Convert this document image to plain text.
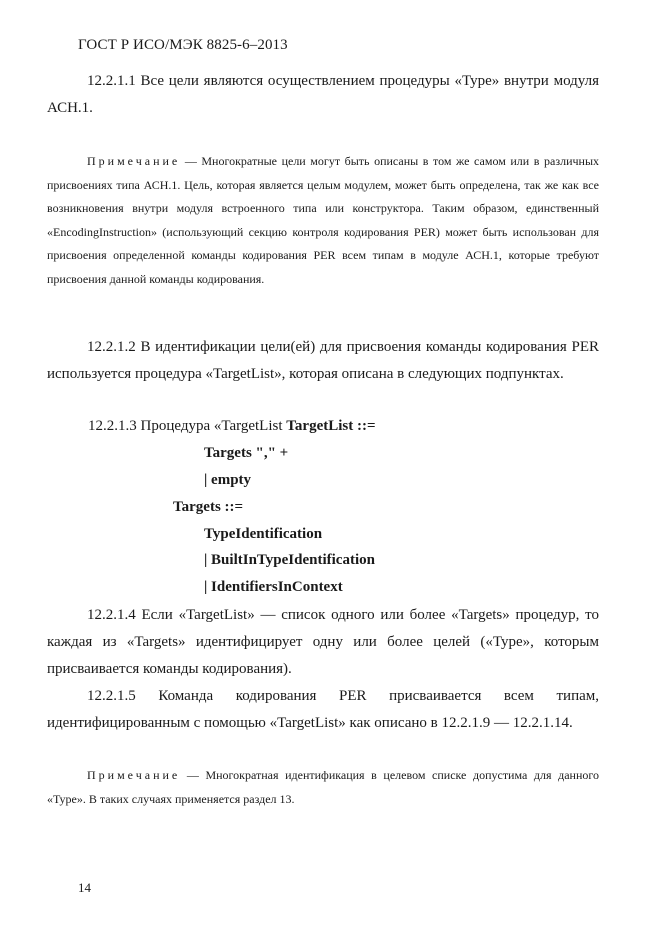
ГОСТ Р ИСО/МЭК 8825-6–2013
12.2.1.1 Все цели являются осуществлением процедуры «Type» внутри модуля АСН.1.
Примечание — Многократные цели могут быть описаны в том же самом или в различных присвоениях типа АСН.1. Цель, которая является целым модулем, может быть определена, так же как все возникновения внутри модуля встроенного типа или конструктора. Таким образом, единственный «EncodingInstruction» (использующий секцию контроля кодирования PER) может быть использован для присвоения определенной команды кодирования PER всем типам в модуле АСН.1, которые требуют присвоения данной команды кодирования.
12.2.1.2 В идентификации цели(ей) для присвоения команды кодирования PER используется процедура «TargetList», которая описана в следующих подпунктах.
12.2.1.3 Процедура «TargetList TargetList ::=
Targets "," +
| empty
Targets ::=
TypeIdentification
| BuiltInTypeIdentification
| IdentifiersInContext
12.2.1.4 Если «TargetList» — список одного или более «Targets» процедур, то каждая из «Targets» идентифицирует одну или более целей («Type», которым присваивается команды кодирования).
12.2.1.5 Команда кодирования PER присваивается всем типам, идентифицированным с помощью «TargetList» как описано в 12.2.1.9 — 12.2.1.14.
Примечание — Многократная идентификация в целевом списке допустима для данного «Type». В таких случаях применяется раздел 13.
14
